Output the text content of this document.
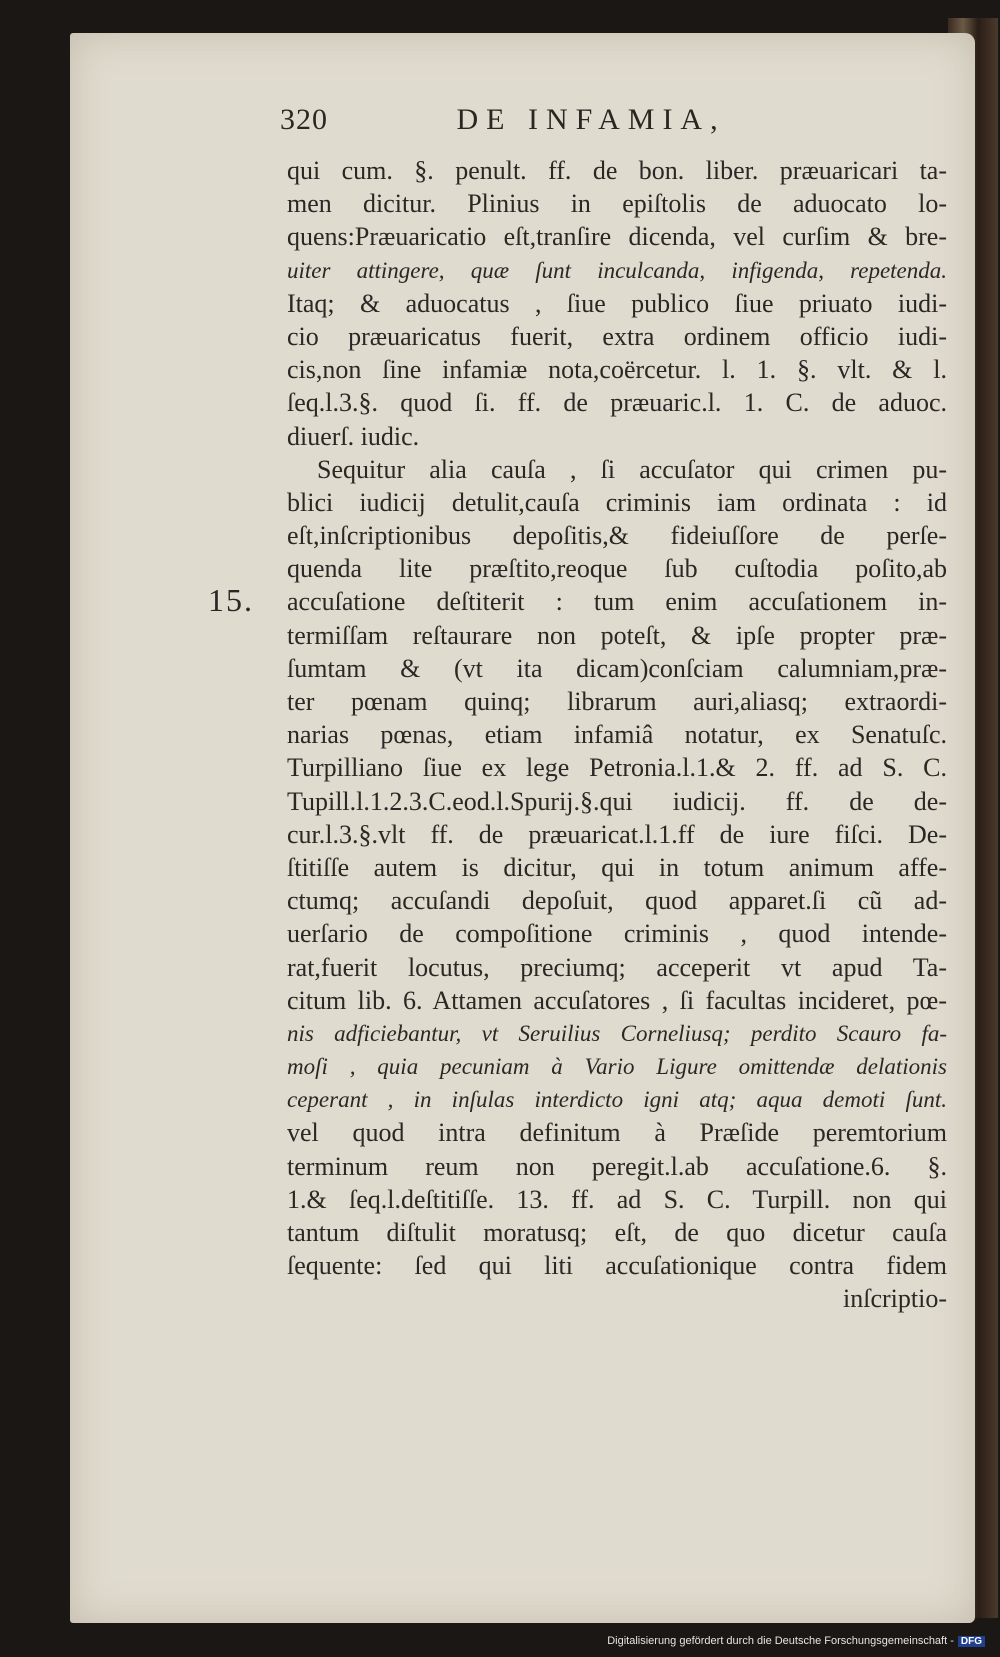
320	DE INFAMIA,
15.
qui cum. §. penult. ff. de bon. liber. præuaricari ta-
men dicitur. Plinius in epiſtolis de aduocato lo-
quens:Præuaricatio eſt,tranſire dicenda, vel curſim & bre-
uiter attingere, quæ ſunt inculcanda, infigenda, repetenda.
Itaq; & aduocatus , ſiue publico ſiue priuato iudi-
cio præuaricatus fuerit, extra ordinem officio iudi-
cis,non ſine infamiæ nota,coërcetur. l. 1. §. vlt. & l.
ſeq.l.3.§. quod ſi. ff. de præuaric.l. 1. C. de aduoc.
diuerſ. iudic.
Sequitur alia cauſa , ſi accuſator qui crimen pu-
blici iudicij detulit,cauſa criminis iam ordinata : id
eſt,inſcriptionibus depoſitis,& fideiuſſore de perſe-
quenda lite præſtito,reoque ſub cuſtodia poſito,ab
accuſatione deſtiterit : tum enim accuſationem in-
termiſſam reſtaurare non poteſt, & ipſe propter præ-
ſumtam & (vt ita dicam)conſciam calumniam,præ-
ter pœnam quinq; librarum auri,aliasq; extraordi-
narias pœnas, etiam infamiâ notatur, ex Senatuſc.
Turpilliano ſiue ex lege Petronia.l.1.& 2. ff. ad S. C.
Tupill.l.1.2.3.C.eod.l.Spurij.§.qui iudicij. ff. de de-
cur.l.3.§.vlt ff. de præuaricat.l.1.ff de iure fiſci. De-
ſtitiſſe autem is dicitur, qui in totum animum affe-
ctumq; accuſandi depoſuit, quod apparet.ſi cũ ad-
uerſario de compoſitione criminis , quod intende-
rat,fuerit locutus, preciumq; acceperit vt apud Ta-
citum lib. 6. Attamen accuſatores , ſi facultas incideret, pœ-
nis adficiebantur, vt Seruilius Corneliusq; perdito Scauro fa-
moſi , quia pecuniam à Vario Ligure omittendæ delationis
ceperant , in inſulas interdicto igni atq; aqua demoti ſunt.
vel quod intra definitum à Præſide peremtorium
terminum reum non peregit.l.ab accuſatione.6. §.
1.& ſeq.l.deſtitiſſe. 13. ff. ad S. C. Turpill. non qui
tantum diſtulit moratusq; eſt, de quo dicetur cauſa
ſequente: ſed qui liti accuſationique contra fidem
inſcriptio-
Digitalisierung gefördert durch die Deutsche Forschungsgemeinschaft - DFG
